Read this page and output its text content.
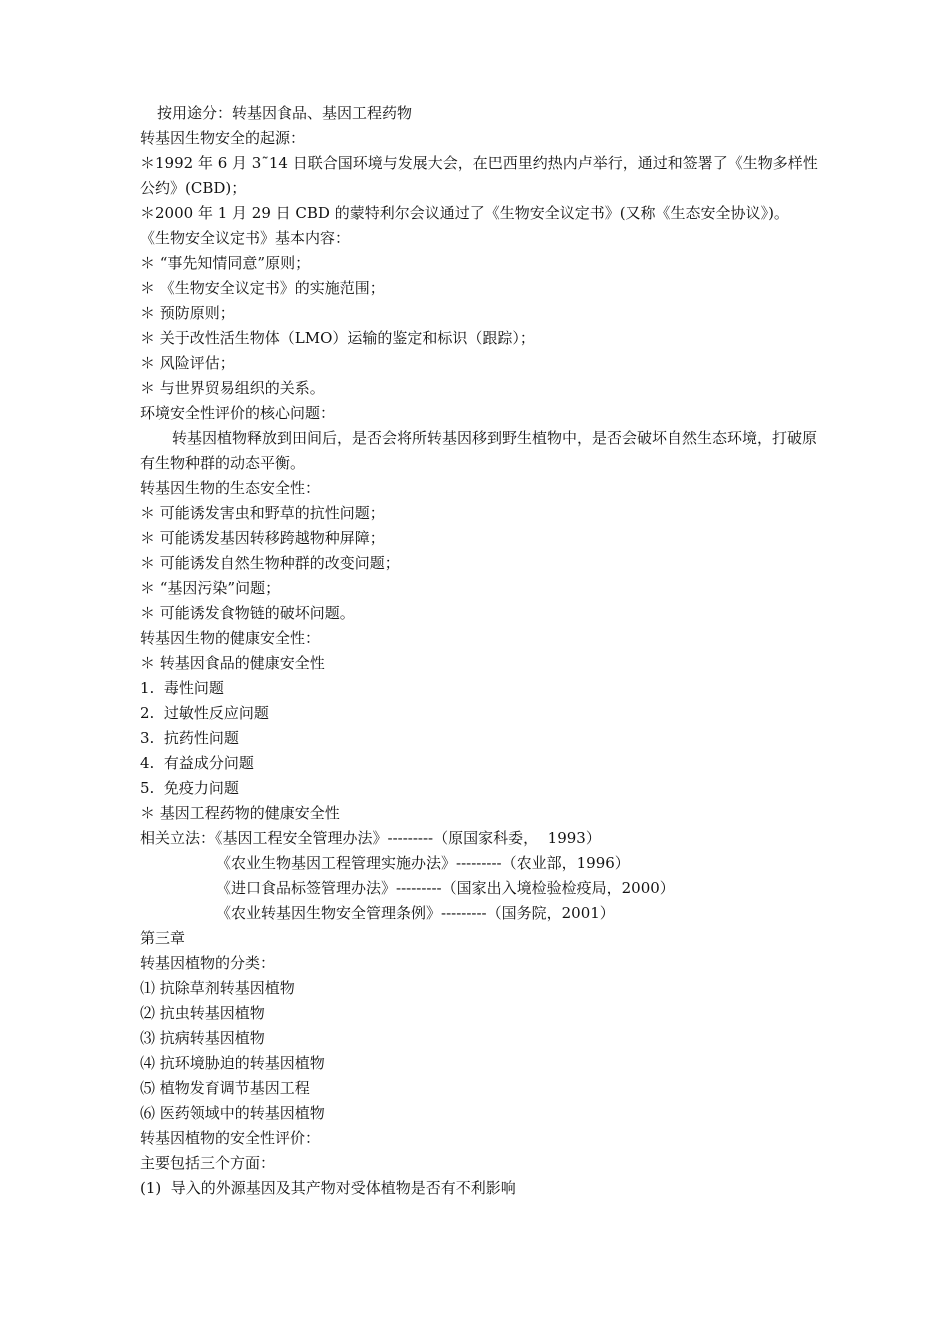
按用途分：转基因食品、基因工程药物
转基因生物安全的起源：
＊1992 年 6 月 3˜14 日联合国环境与发展大会，在巴西里约热内卢举行，通过和签署了《生物多样性公约》(CBD)；
＊2000 年 1 月 29 日 CBD 的蒙特利尔会议通过了《生物安全议定书》(又称《生态安全协议》)。
《生物安全议定书》基本内容：
＊ “事先知情同意”原则；
＊ 《生物安全议定书》的实施范围；
＊ 预防原则；
＊ 关于改性活生物体（LMO）运输的鉴定和标识（跟踪）；
＊ 风险评估；
＊ 与世界贸易组织的关系。
环境安全性评价的核心问题：
转基因植物释放到田间后，是否会将所转基因移到野生植物中，是否会破坏自然生态环境，打破原有生物种群的动态平衡。
转基因生物的生态安全性：
＊ 可能诱发害虫和野草的抗性问题；
＊ 可能诱发基因转移跨越物种屏障；
＊ 可能诱发自然生物种群的改变问题；
＊ “基因污染”问题；
＊ 可能诱发食物链的破坏问题。
转基因生物的健康安全性：
＊ 转基因食品的健康安全性
1.  毒性问题
2.  过敏性反应问题
3.  抗药性问题
4.  有益成分问题
5.  免疫力问题
＊ 基因工程药物的健康安全性
相关立法：《基因工程安全管理办法》---------（原国家科委，  1993）
《农业生物基因工程管理实施办法》---------（农业部，1996）
《进口食品标签管理办法》---------（国家出入境检验检疫局，2000）
《农业转基因生物安全管理条例》---------（国务院，2001）
第三章
转基因植物的分类：
⑴ 抗除草剂转基因植物
⑵ 抗虫转基因植物
⑶ 抗病转基因植物
⑷ 抗环境胁迫的转基因植物
⑸ 植物发育调节基因工程
⑹ 医药领域中的转基因植物
转基因植物的安全性评价：
主要包括三个方面：
(1)  导入的外源基因及其产物对受体植物是否有不利影响
